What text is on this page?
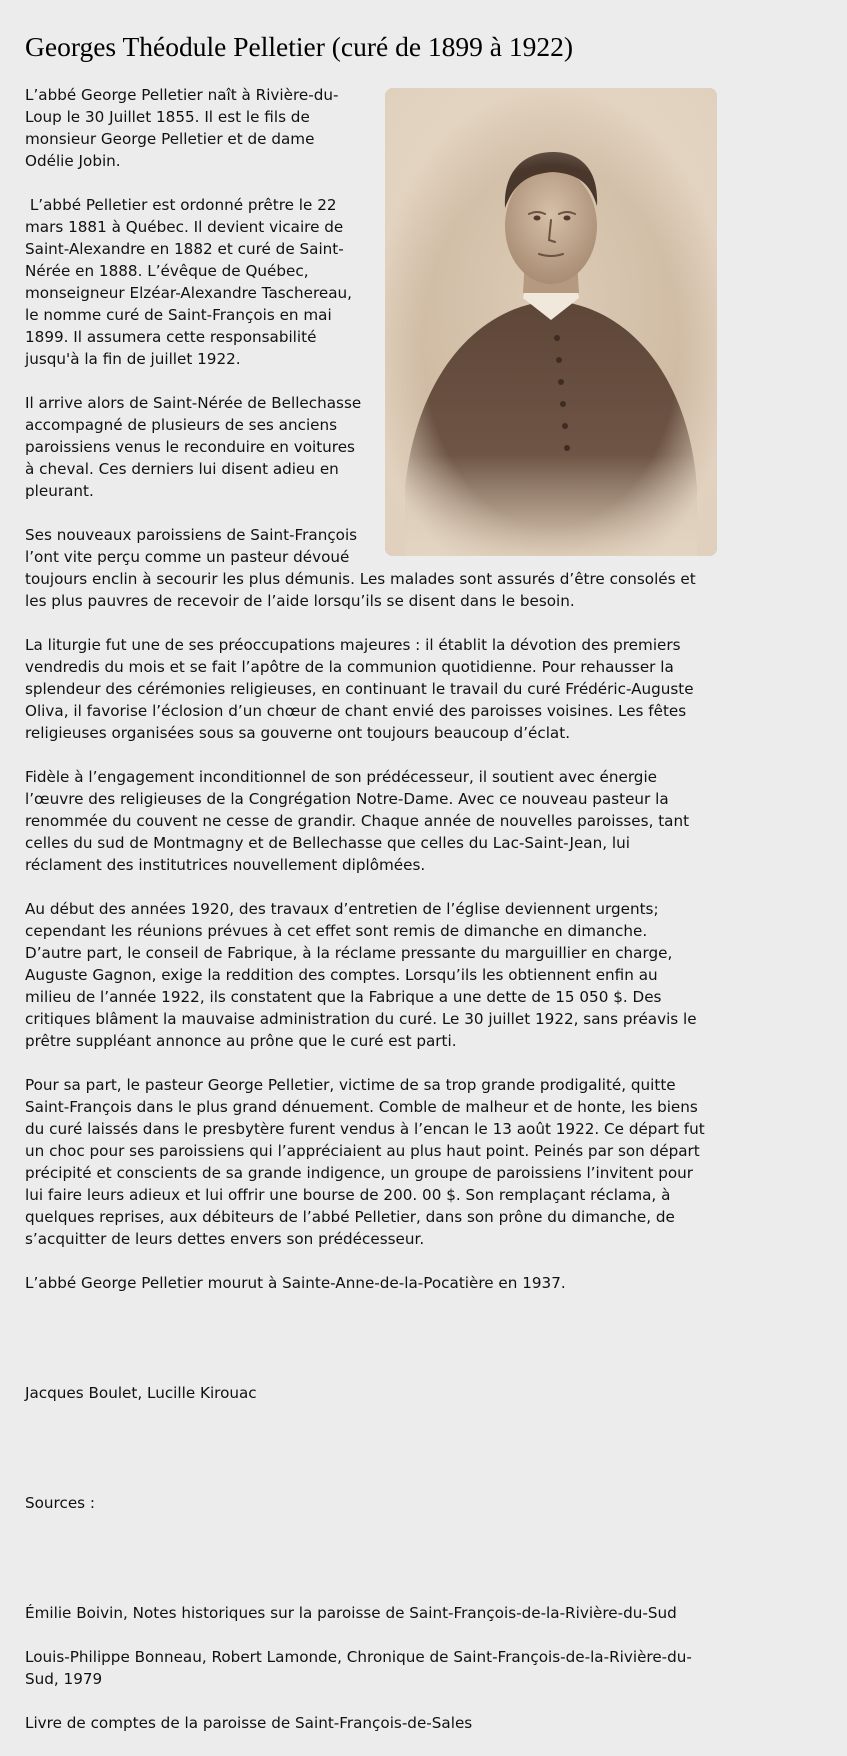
Georges Théodule Pelletier (curé de 1899 à 1922)

L’abbé George Pelletier naît à Rivière-du-Loup le 30 Juillet 1855. Il est le fils de monsieur George Pelletier et de dame Odélie Jobin.

L’abbé Pelletier est ordonné prêtre le 22 mars 1881 à Québec. Il devient vicaire de Saint-Alexandre en 1882 et curé de Saint-Nérée en 1888. L’évêque de Québec, monseigneur Elzéar-Alexandre Taschereau, le nomme curé de Saint-François en mai 1899. Il assumera cette responsabilité jusqu'à la fin de juillet 1922.

Il arrive alors de Saint-Nérée de Bellechasse accompagné de plusieurs de ses anciens paroissiens venus le reconduire en voitures à cheval. Ces derniers lui disent adieu en pleurant.

Ses nouveaux paroissiens de Saint-François l’ont vite perçu comme un pasteur dévoué toujours enclin à secourir les plus démunis. Les malades sont assurés d’être consolés et les plus pauvres de recevoir de l’aide lorsqu’ils se disent dans le besoin.

La liturgie fut une de ses préoccupations majeures : il établit la dévotion des premiers vendredis du mois et se fait l’apôtre de la communion quotidienne. Pour rehausser la splendeur des cérémonies religieuses, en continuant le travail du curé Frédéric-Auguste Oliva, il favorise l’éclosion d’un chœur de chant envié des paroisses voisines. Les fêtes religieuses organisées sous sa gouverne ont toujours beaucoup d’éclat.

Fidèle à l’engagement inconditionnel de son prédécesseur, il soutient avec énergie l’œuvre des religieuses de la Congrégation Notre-Dame. Avec ce nouveau pasteur la renommée du couvent ne cesse de grandir. Chaque année de nouvelles paroisses, tant celles du sud de Montmagny et de Bellechasse que celles du Lac-Saint-Jean, lui réclament des institutrices nouvellement diplômées.

Au début des années 1920, des travaux d’entretien de l’église deviennent urgents; cependant les réunions prévues à cet effet sont remis de dimanche en dimanche. D’autre part, le conseil de Fabrique, à la réclame pressante du marguillier en charge, Auguste Gagnon, exige la reddition des comptes. Lorsqu’ils les obtiennent enfin au milieu de l’année 1922, ils constatent que la Fabrique a une dette de 15 050 $. Des critiques blâment la mauvaise administration du curé. Le 30 juillet 1922, sans préavis le prêtre suppléant annonce au prône que le curé est parti.

Pour sa part, le pasteur George Pelletier, victime de sa trop grande prodigalité, quitte Saint-François dans le plus grand dénuement. Comble de malheur et de honte, les biens du curé laissés dans le presbytère furent vendus à l’encan le 13 août 1922. Ce départ fut un choc pour ses paroissiens qui l’appréciaient au plus haut point. Peinés par son départ précipité et conscients de sa grande indigence, un groupe de paroissiens l’invitent pour lui faire leurs adieux et lui offrir une bourse de 200. 00 $. Son remplaçant réclama, à quelques reprises, aux débiteurs de l’abbé Pelletier, dans son prône du dimanche, de s’acquitter de leurs dettes envers son prédécesseur.

L’abbé George Pelletier mourut à Sainte-Anne-de-la-Pocatière en 1937.

Jacques Boulet, Lucille Kirouac

Sources :

Émilie Boivin, Notes historiques sur la paroisse de Saint-François-de-la-Rivière-du-Sud

Louis-Philippe Bonneau, Robert Lamonde, Chronique de Saint-François-de-la-Rivière-du-Sud, 1979

Livre de comptes de la paroisse de Saint-François-de-Sales
